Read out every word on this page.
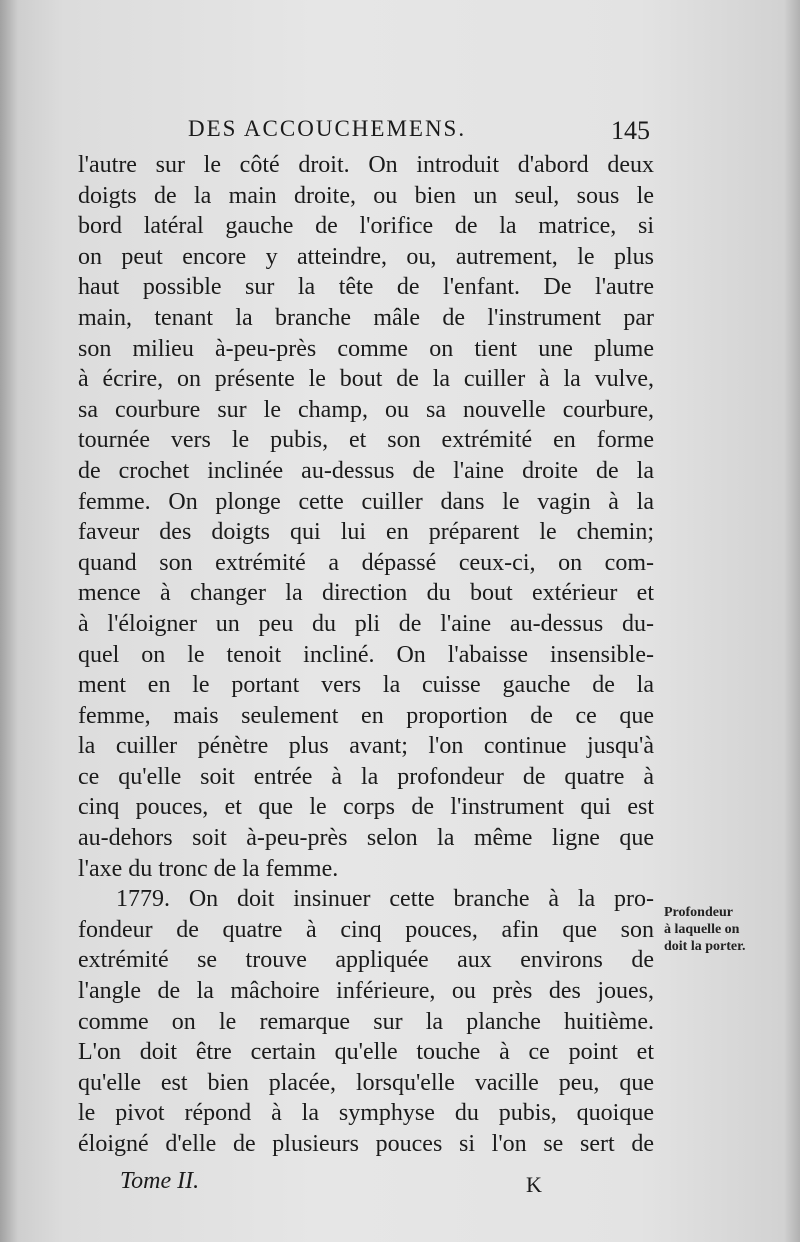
DES ACCOUCHEMENS.	145
l'autre sur le côté droit. On introduit d'abord deux
doigts de la main droite, ou bien un seul, sous le
bord latéral gauche de l'orifice de la matrice, si
on peut encore y atteindre, ou, autrement, le plus
haut possible sur la tête de l'enfant. De l'autre
main, tenant la branche mâle de l'instrument par
son milieu à-peu-près comme on tient une plume
à écrire, on présente le bout de la cuiller à la vulve,
sa courbure sur le champ, ou sa nouvelle courbure,
tournée vers le pubis, et son extrémité en forme
de crochet inclinée au-dessus de l'aine droite de la
femme. On plonge cette cuiller dans le vagin à la
faveur des doigts qui lui en préparent le chemin;
quand son extrémité a dépassé ceux-ci, on com-
mence à changer la direction du bout extérieur et
à l'éloigner un peu du pli de l'aine au-dessus du-
quel on le tenoit incliné. On l'abaisse insensible-
ment en le portant vers la cuisse gauche de la
femme, mais seulement en proportion de ce que
la cuiller pénètre plus avant; l'on continue jusqu'à
ce qu'elle soit entrée à la profondeur de quatre à
cinq pouces, et que le corps de l'instrument qui est
au-dehors soit à-peu-près selon la même ligne que
l'axe du tronc de la femme.
1779. On doit insinuer cette branche à la pro-
fondeur de quatre à cinq pouces, afin que son
extrémité se trouve appliquée aux environs de
l'angle de la mâchoire inférieure, ou près des joues,
comme on le remarque sur la planche huitième.
L'on doit être certain qu'elle touche à ce point et
qu'elle est bien placée, lorsqu'elle vacille peu, que
le pivot répond à la symphyse du pubis, quoique
éloigné d'elle de plusieurs pouces si l'on se sert de
Profondeur
à laquelle on
doit la porter.
Tome II.	K
